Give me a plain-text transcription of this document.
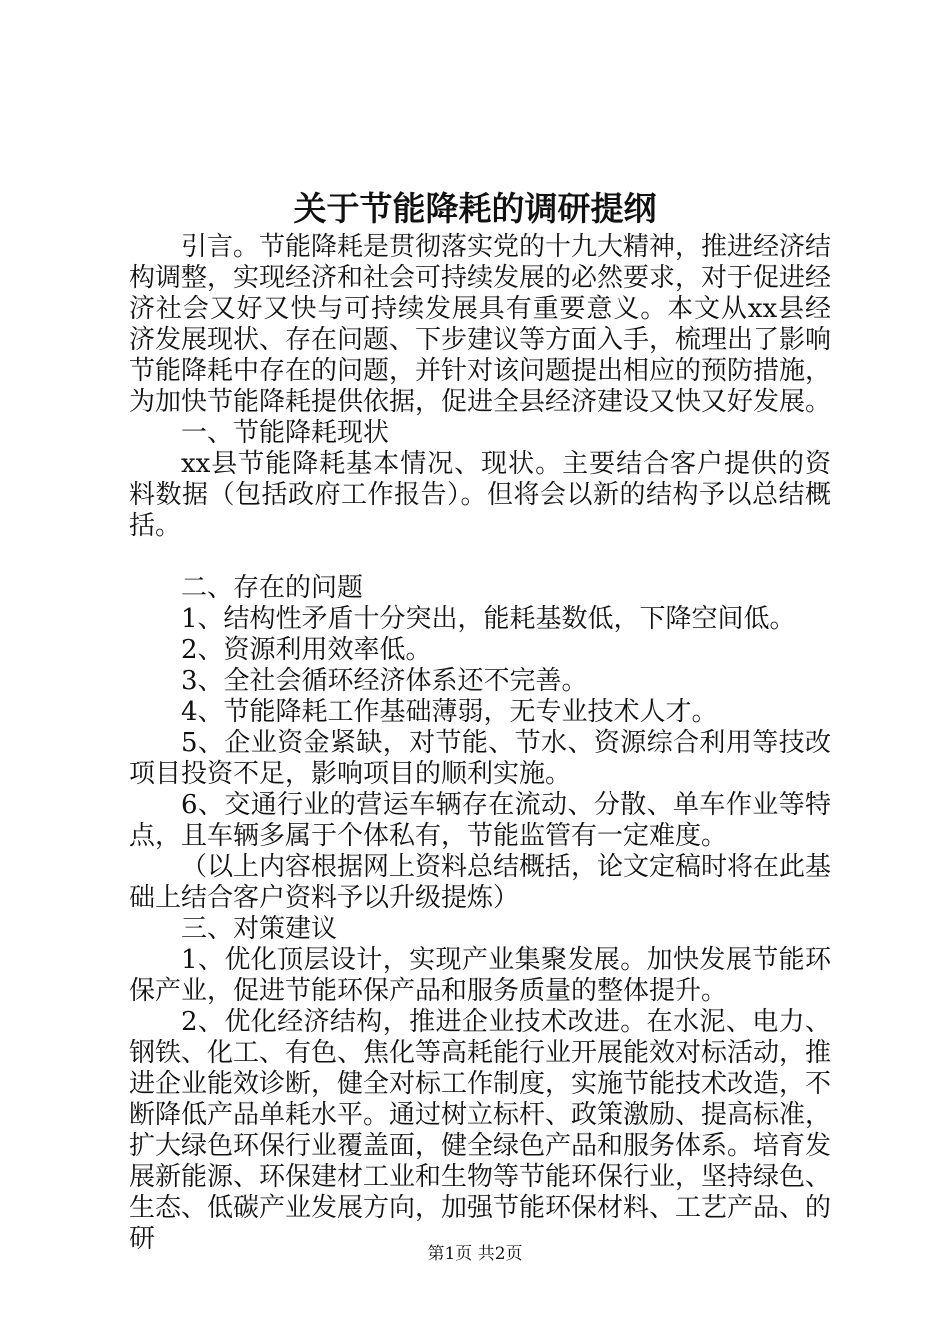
关于节能降耗的调研提纲

引言。节能降耗是贯彻落实党的十九大精神，推进经济结构调整，实现经济和社会可持续发展的必然要求，对于促进经济社会又好又快与可持续发展具有重要意义。本文从xx县经济发展现状、存在问题、下步建议等方面入手，梳理出了影响节能降耗中存在的问题，并针对该问题提出相应的预防措施，为加快节能降耗提供依据，促进全县经济建设又快又好发展。

一、节能降耗现状

xx县节能降耗基本情况、现状。主要结合客户提供的资料数据（包括政府工作报告）。但将会以新的结构予以总结概括。

二、存在的问题

1、结构性矛盾十分突出，能耗基数低，下降空间低。

2、资源利用效率低。

3、全社会循环经济体系还不完善。

4、节能降耗工作基础薄弱，无专业技术人才。

5、企业资金紧缺，对节能、节水、资源综合利用等技改项目投资不足，影响项目的顺利实施。

6、交通行业的营运车辆存在流动、分散、单车作业等特点，且车辆多属于个体私有，节能监管有一定难度。

（以上内容根据网上资料总结概括，论文定稿时将在此基础上结合客户资料予以升级提炼）

三、对策建议

1、优化顶层设计，实现产业集聚发展。加快发展节能环保产业，促进节能环保产品和服务质量的整体提升。

2、优化经济结构，推进企业技术改进。在水泥、电力、钢铁、化工、有色、焦化等高耗能行业开展能效对标活动，推进企业能效诊断，健全对标工作制度，实施节能技术改造，不断降低产品单耗水平。通过树立标杆、政策激励、提高标准，扩大绿色环保行业覆盖面，健全绿色产品和服务体系。培育发展新能源、环保建材工业和生物等节能环保行业，坚持绿色、生态、低碳产业发展方向，加强节能环保材料、工艺产品、的研	第1页 共2页
